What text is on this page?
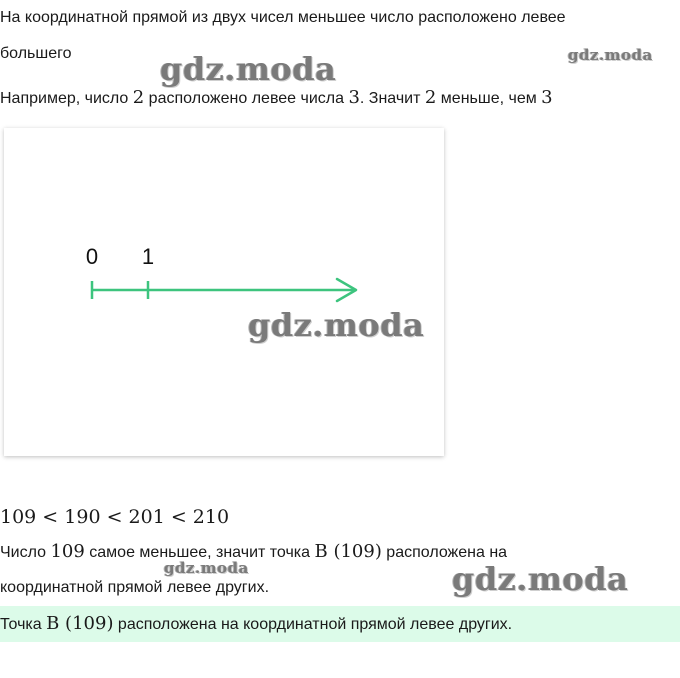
На координатной прямой из двух чисел меньшее число расположено левее
большего	gdz.moda	gdz.moda
Например, число 2 расположено левее числа 3. Значит 2 меньше, чем 3
0 1
gdz.moda
109 < 190 < 201 < 210
Число 109 самое меньшее, значит точка B (109) расположена на
gdz.moda
координатной прямой левее других.	gdz.moda
Точка B (109) расположена на координатной прямой левее других.
